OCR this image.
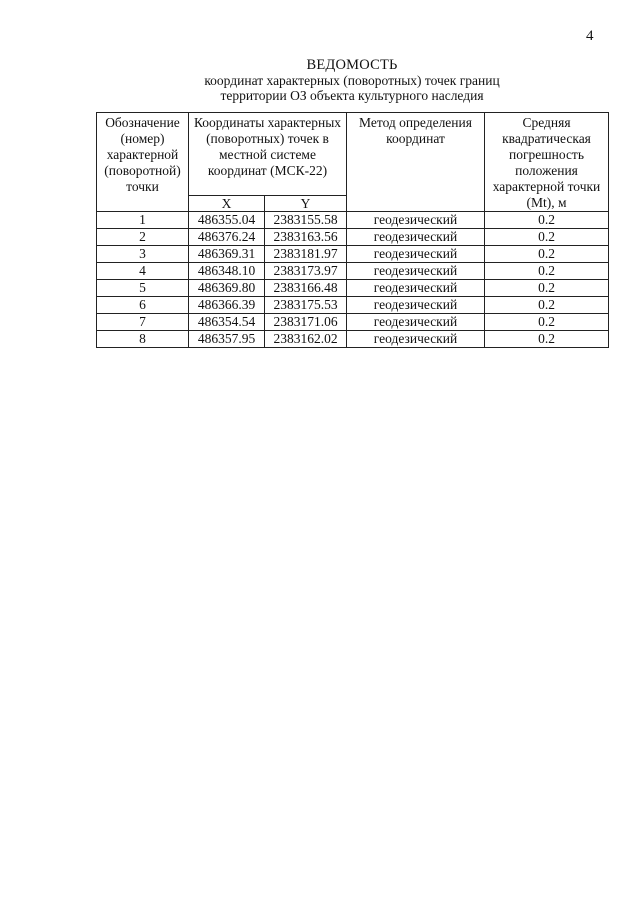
4
ВЕДОМОСТЬ
координат характерных (поворотных) точек границ
территории ОЗ объекта культурного наследия
Обозначение (номер) характерной (поворотной) точки	Координаты характерных (поворотных) точек в местной системе координат (МСК-22)		Метод определения координат	Средняя квадратическая погрешность положения характерной точки (Mt), м
	X	Y		
1	486355.04	2383155.58	геодезический	0.2
2	486376.24	2383163.56	геодезический	0.2
3	486369.31	2383181.97	геодезический	0.2
4	486348.10	2383173.97	геодезический	0.2
5	486369.80	2383166.48	геодезический	0.2
6	486366.39	2383175.53	геодезический	0.2
7	486354.54	2383171.06	геодезический	0.2
8	486357.95	2383162.02	геодезический	0.2
